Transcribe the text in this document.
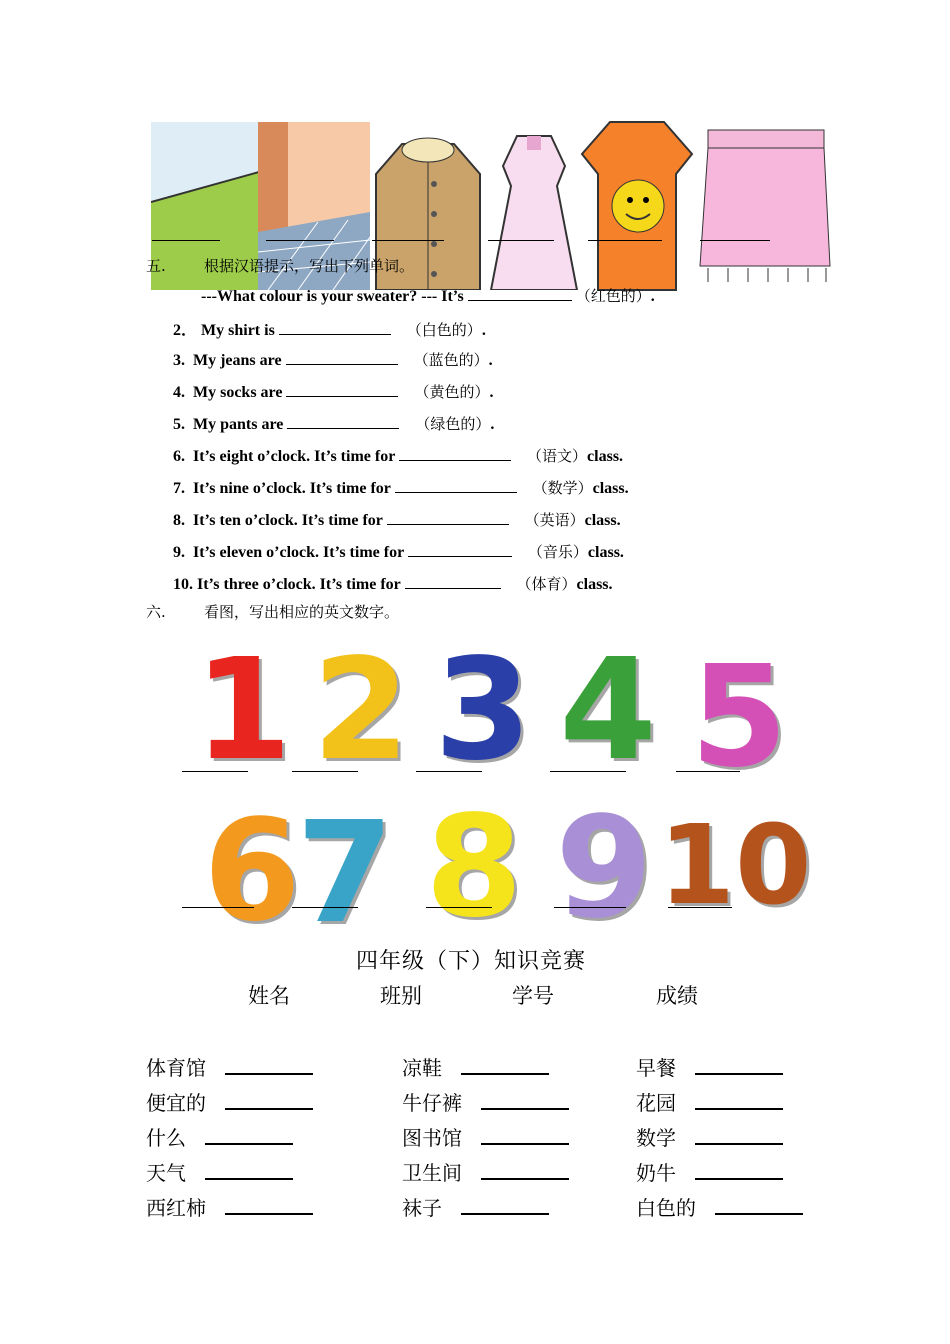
五.	根据汉语提示，写出下列单词。
---What colour is your sweater? --- It’s	（红色的）.
2． My shirt is	（白色的）.
3. My jeans are	（蓝色的）.
4. My socks are	（黄色的）.
5. My pants are	（绿色的）.
6. It’s eight o’clock. It’s time for	（语文）class.
7. It’s nine o’clock. It’s time for	（数学）class.
8. It’s ten o’clock. It’s time for	（英语）class.
9. It’s eleven o’clock. It’s time for	（音乐）class.
10. It’s three o’clock. It’s time for	（体育）class.
六.	看图，写出相应的英文数字。
1 2 3 4 5
6
7 8 9 10
四年级（下）知识竞赛
姓名	班别	学号	成绩
体育馆	凉鞋	早餐
便宜的	牛仔裤	花园
什么	图书馆	数学
天气	卫生间	奶牛
西红柿	袜子	白色的
